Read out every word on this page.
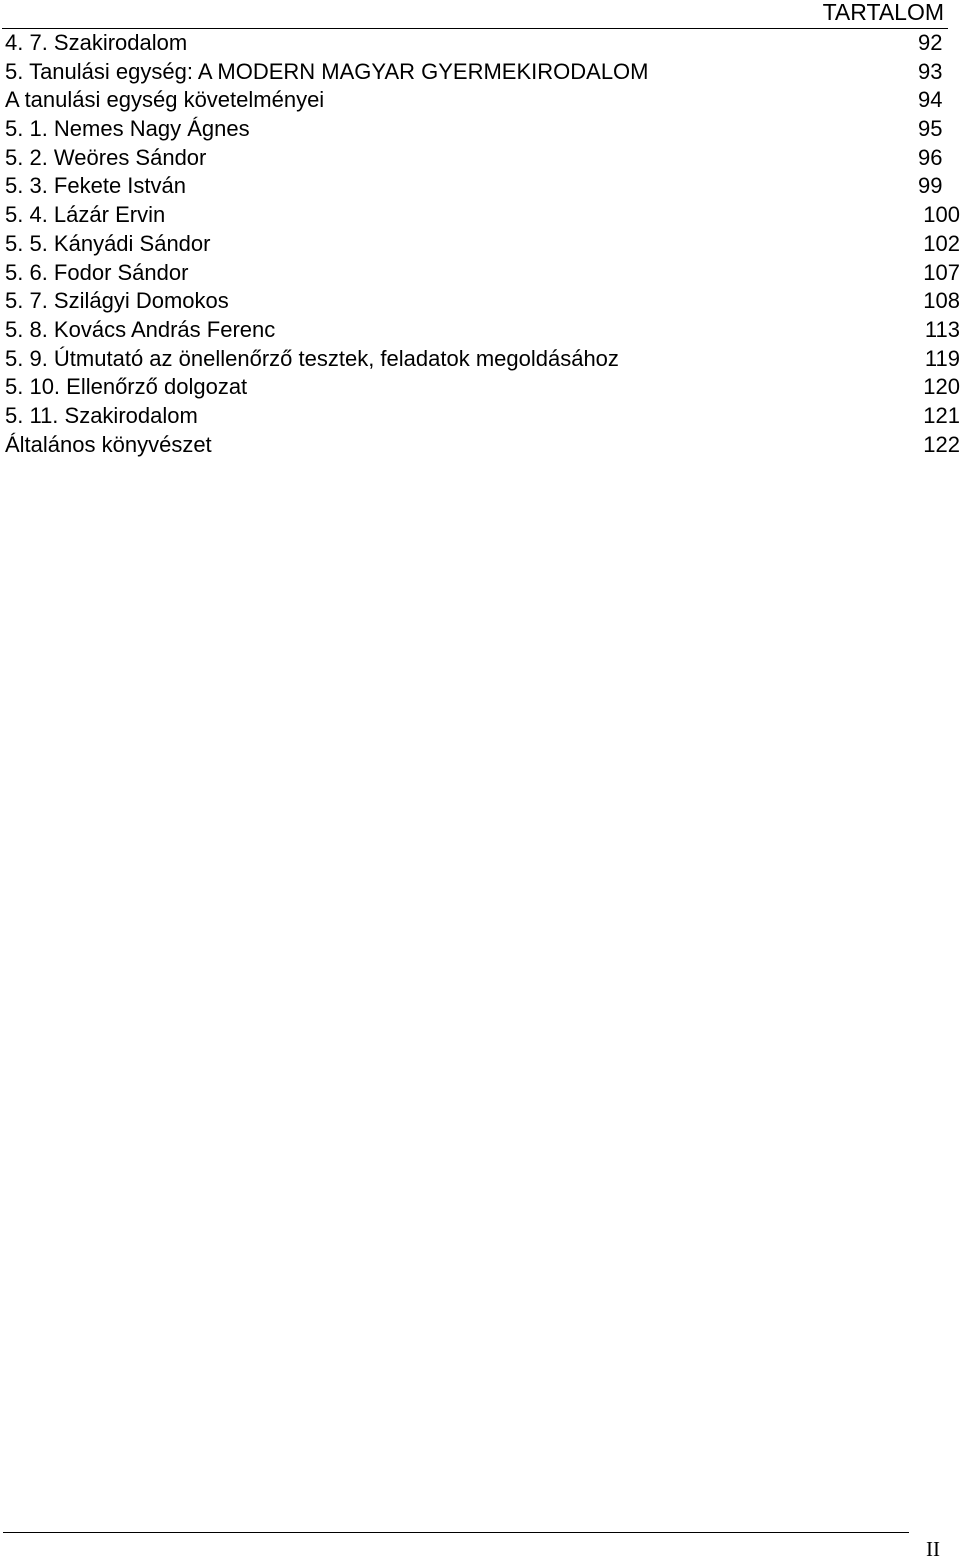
TARTALOM
4. 7. Szakirodalom	92
5. Tanulási egység: A MODERN MAGYAR GYERMEKIRODALOM	93
A tanulási egység követelményei	94
5. 1. Nemes Nagy Ágnes	95
5. 2. Weöres Sándor	96
5. 3. Fekete István	99
5. 4. Lázár Ervin	100
5. 5. Kányádi Sándor	102
5. 6. Fodor Sándor	107
5. 7. Szilágyi Domokos	108
5. 8. Kovács András Ferenc	113
5. 9. Útmutató az önellenőrző tesztek, feladatok megoldásához	119
5. 10. Ellenőrző dolgozat	120
5. 11. Szakirodalom	121
Általános könyvészet	122
II
